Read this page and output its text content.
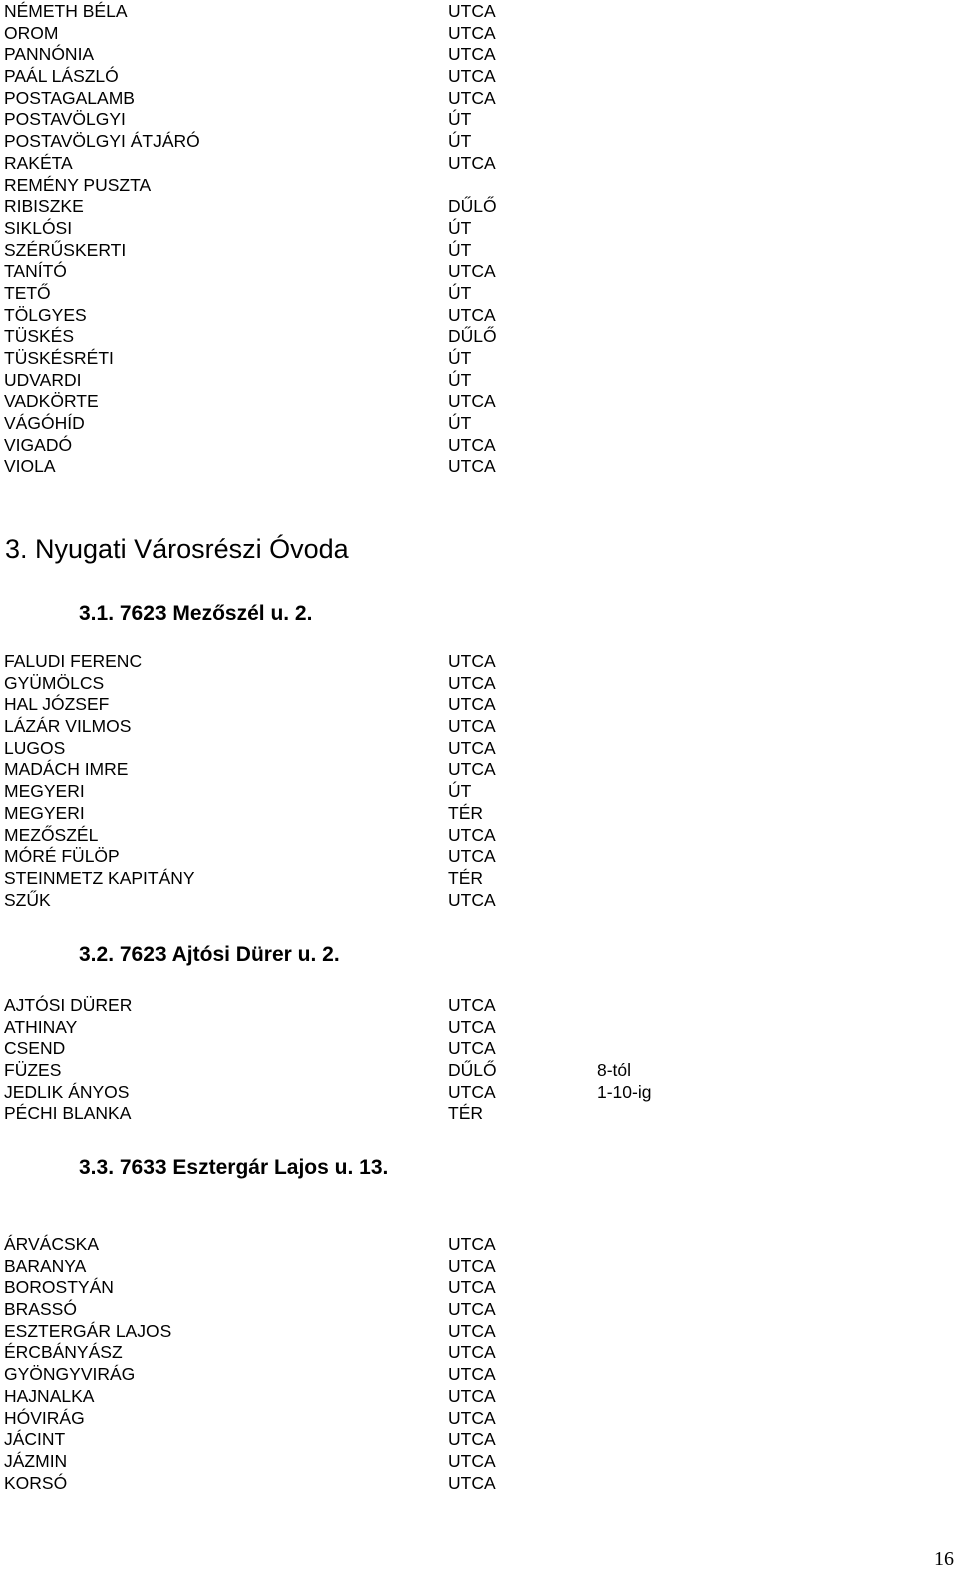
NÉMETH BÉLA	UTCA
OROM	UTCA
PANNÓNIA	UTCA
PAÁL LÁSZLÓ	UTCA
POSTAGALAMB	UTCA
POSTAVÖLGYI	ÚT
POSTAVÖLGYI ÁTJÁRÓ	ÚT
RAKÉTA	UTCA
REMÉNY PUSZTA
RIBISZKE	DŰLŐ
SIKLÓSI	ÚT
SZÉRŰSKERTI	ÚT
TANÍTÓ	UTCA
TETŐ	ÚT
TÖLGYES	UTCA
TÜSKÉS	DŰLŐ
TÜSKÉSRÉTI	ÚT
UDVARDI	ÚT
VADKÖRTE	UTCA
VÁGÓHÍD	ÚT
VIGADÓ	UTCA
VIOLA	UTCA
3. Nyugati Városrészi Óvoda
3.1. 7623 Mezőszél u. 2.
FALUDI FERENC	UTCA
GYÜMÖLCS	UTCA
HAL JÓZSEF	UTCA
LÁZÁR VILMOS	UTCA
LUGOS	UTCA
MADÁCH IMRE	UTCA
MEGYERI	ÚT
MEGYERI	TÉR
MEZŐSZÉL	UTCA
MÓRÉ FÜLÖP	UTCA
STEINMETZ KAPITÁNY	TÉR
SZŰK	UTCA
3.2. 7623 Ajtósi Dürer u. 2.
AJTÓSI DÜRER	UTCA
ATHINAY	UTCA
CSEND	UTCA
FÜZES	DŰLŐ	8-tól
JEDLIK ÁNYOS	UTCA	1-10-ig
PÉCHI BLANKA	TÉR
3.3. 7633 Esztergár Lajos u. 13.
ÁRVÁCSKA	UTCA
BARANYA	UTCA
BOROSTYÁN	UTCA
BRASSÓ	UTCA
ESZTERGÁR LAJOS	UTCA
ÉRCBÁNYÁSZ	UTCA
GYÖNGYVIRÁG	UTCA
HAJNALKA	UTCA
HÓVIRÁG	UTCA
JÁCINT	UTCA
JÁZMIN	UTCA
KORSÓ	UTCA
16
